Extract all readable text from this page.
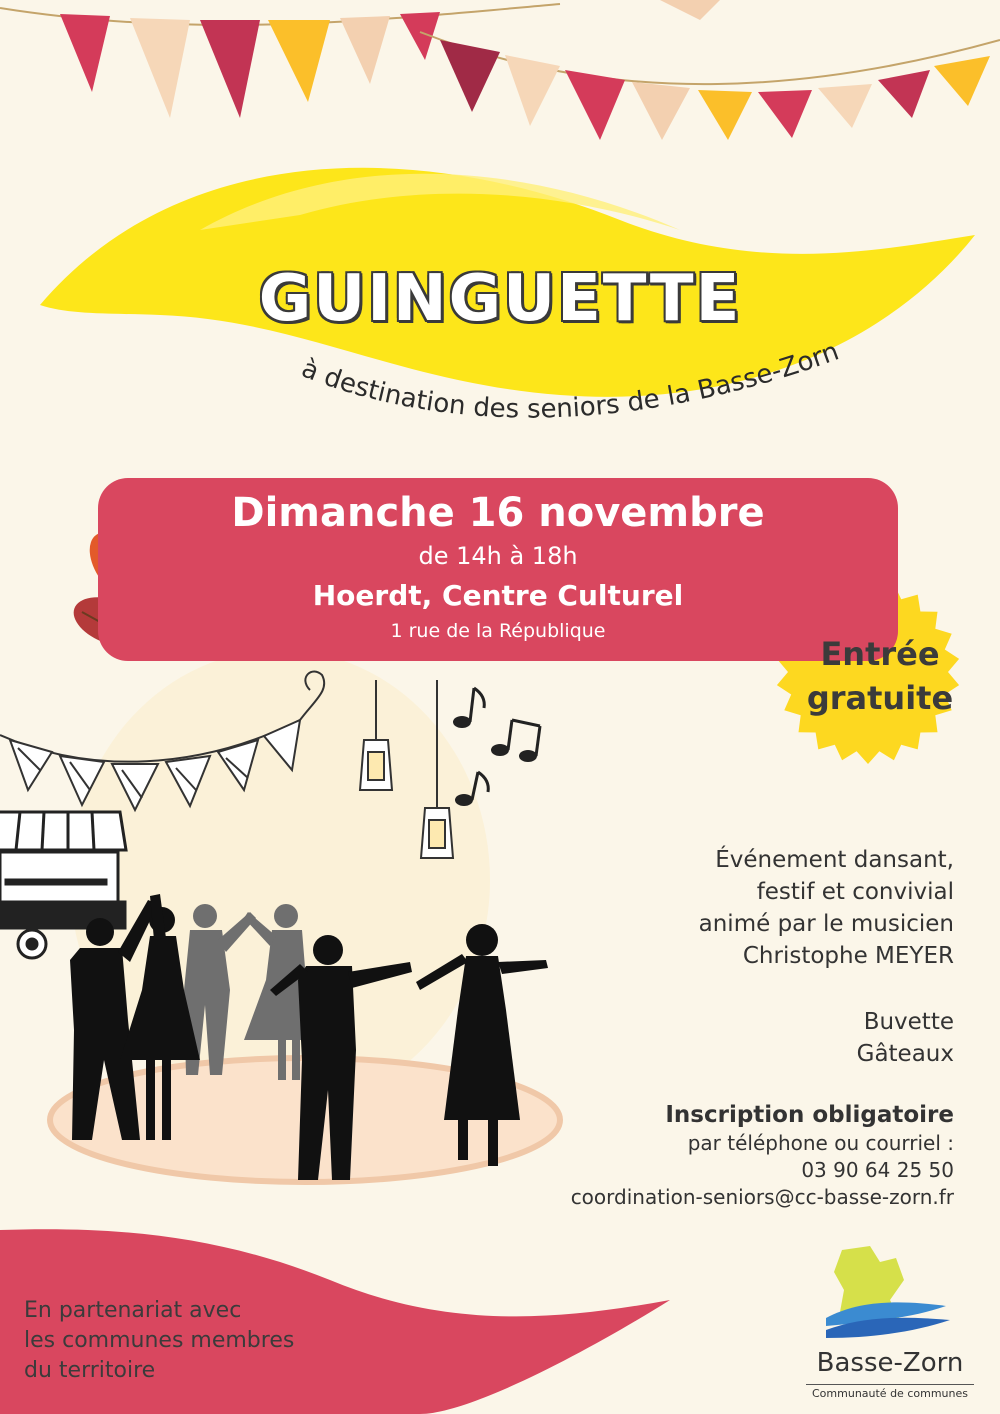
à destination des seniors de la Basse-Zorn
GUINGUETTE
Dimanche 16 novembre
de 14h à 18h
Hoerdt, Centre Culturel
1 rue de la République
Entrée
gratuite
Événement dansant,
festif et convivial
animé par le musicien
Christophe MEYER
Buvette
Gâteaux
Inscription obligatoire
par téléphone ou courriel :
03 90 64 25 50
coordination-seniors@cc-basse-zorn.fr
En partenariat avec
les communes membres
du territoire	Basse-Zorn
Communauté de communes
